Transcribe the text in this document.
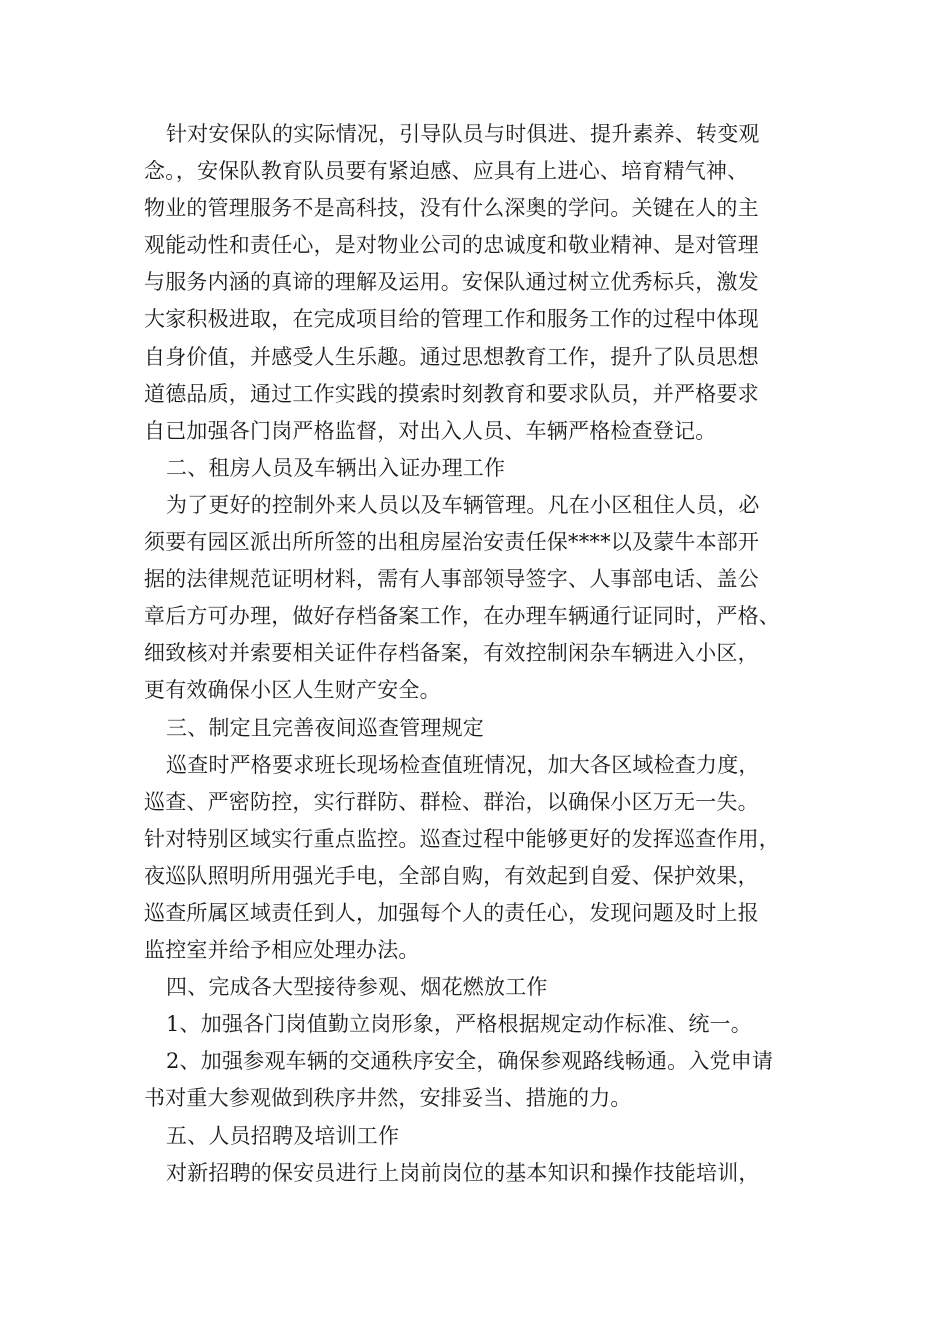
针对安保队的实际情况，引导队员与时俱进、提升素养、转变观
念。，安保队教育队员要有紧迫感、应具有上进心、培育精气神、
物业的管理服务不是高科技，没有什么深奥的学问。关键在人的主
观能动性和责任心，是对物业公司的忠诚度和敬业精神、是对管理
与服务内涵的真谛的理解及运用。安保队通过树立优秀标兵，激发
大家积极进取，在完成项目给的管理工作和服务工作的过程中体现
自身价值，并感受人生乐趣。通过思想教育工作，提升了队员思想
道德品质，通过工作实践的摸索时刻教育和要求队员，并严格要求
自已加强各门岗严格监督，对出入人员、车辆严格检查登记。
二、租房人员及车辆出入证办理工作
为了更好的控制外来人员以及车辆管理。凡在小区租住人员，必
须要有园区派出所所签的出租房屋治安责任保****以及蒙牛本部开
据的法律规范证明材料，需有人事部领导签字、人事部电话、盖公
章后方可办理，做好存档备案工作，在办理车辆通行证同时，严格、
细致核对并索要相关证件存档备案，有效控制闲杂车辆进入小区，
更有效确保小区人生财产安全。
三、制定且完善夜间巡查管理规定
巡查时严格要求班长现场检查值班情况，加大各区域检查力度，
巡查、严密防控，实行群防、群检、群治，以确保小区万无一失。
针对特别区域实行重点监控。巡查过程中能够更好的发挥巡查作用，
夜巡队照明所用强光手电，全部自购，有效起到自爱、保护效果，
巡查所属区域责任到人，加强每个人的责任心，发现问题及时上报
监控室并给予相应处理办法。
四、完成各大型接待参观、烟花燃放工作
1、加强各门岗值勤立岗形象，严格根据规定动作标准、统一。
2、加强参观车辆的交通秩序安全，确保参观路线畅通。入党申请
书对重大参观做到秩序井然，安排妥当、措施的力。
五、人员招聘及培训工作
对新招聘的保安员进行上岗前岗位的基本知识和操作技能培训，
